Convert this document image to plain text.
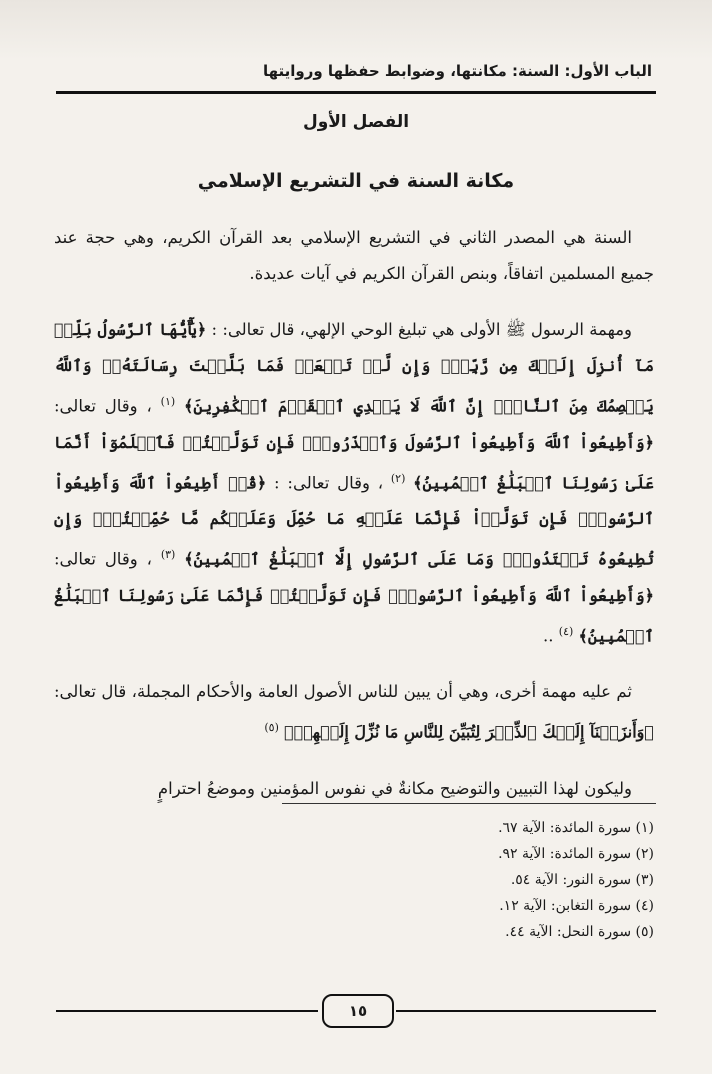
الباب الأول: السنة: مكانتها، وضوابط حفظها وروايتها
الفصل الأول
مكانة السنة في التشريع الإسلامي

السنة هي المصدر الثاني في التشريع الإسلامي بعد القرآن الكريم، وهي حجة عند جميع المسلمين اتفاقاً، وبنص القرآن الكريم في آيات عديدة.

ومهمة الرسول ﷺ الأولى هي تبليغ الوحي الإلهي، قال تعالى: : ﴿يَٰٓأَيُّهَا ٱلرَّسُولُ بَلِّغۡ مَآ أُنزِلَ إِلَيۡكَ مِن رَّبِّكَۖ وَإِن لَّمۡ تَفۡعَلۡ فَمَا بَلَّغۡتَ رِسَالَتَهُۥۚ وَٱللَّهُ يَعۡصِمُكَ مِنَ ٱلنَّاسِۗ إِنَّ ٱللَّهَ لَا يَهۡدِي ٱلۡقَوۡمَ ٱلۡكَٰفِرِينَ﴾ $^{(١)}$ ، وقال تعالى: ﴿وَأَطِيعُواْ ٱللَّهَ وَأَطِيعُواْ ٱلرَّسُولَ وَٱحۡذَرُواْۚ فَإِن تَوَلَّيۡتُمۡ فَٱعۡلَمُوٓاْ أَنَّمَا عَلَىٰ رَسُولِنَا ٱلۡبَلَٰغُ ٱلۡمُبِينُ﴾ $^{(٢)}$ ، وقال تعالى: : ﴿قُلۡ أَطِيعُواْ ٱللَّهَ وَأَطِيعُواْ ٱلرَّسُولَۖ فَإِن تَوَلَّوۡاْ فَإِنَّمَا عَلَيۡهِ مَا حُمِّلَ وَعَلَيۡكُم مَّا حُمِّلۡتُمۡۖ وَإِن تُطِيعُوهُ تَهۡتَدُواْۚ وَمَا عَلَى ٱلرَّسُولِ إِلَّا ٱلۡبَلَٰغُ ٱلۡمُبِينُ﴾ $^{(٣)}$ ، وقال تعالى: ﴿وَأَطِيعُواْ ٱللَّهَ وَأَطِيعُواْ ٱلرَّسُولَۚ فَإِن تَوَلَّيۡتُمۡ فَإِنَّمَا عَلَىٰ رَسُولِنَا ٱلۡبَلَٰغُ ٱلۡمُبِينُ﴾ $^{(٤)}$ ..

ثم عليه مهمة أخرى، وهي أن يبين للناس الأصول العامة والأحكام المجملة، قال تعالى: ﴿وَأَنزَلۡنَآ إِلَيۡكَ ٱلذِّكۡرَ لِتُبَيِّنَ لِلنَّاسِ مَا نُزِّلَ إِلَيۡهِمۡ﴾ $^{(٥)}$

وليكون لهذا التبيين والتوضيح مكانةٌ في نفوس المؤمنين وموضعُ احترامٍ

(١) سورة المائدة: الآية ٦٧.
(٢) سورة المائدة: الآية ٩٢.
(٣) سورة النور: الآية ٥٤.
(٤) سورة التغابن: الآية ١٢.
(٥) سورة النحل: الآية ٤٤.
١٥
